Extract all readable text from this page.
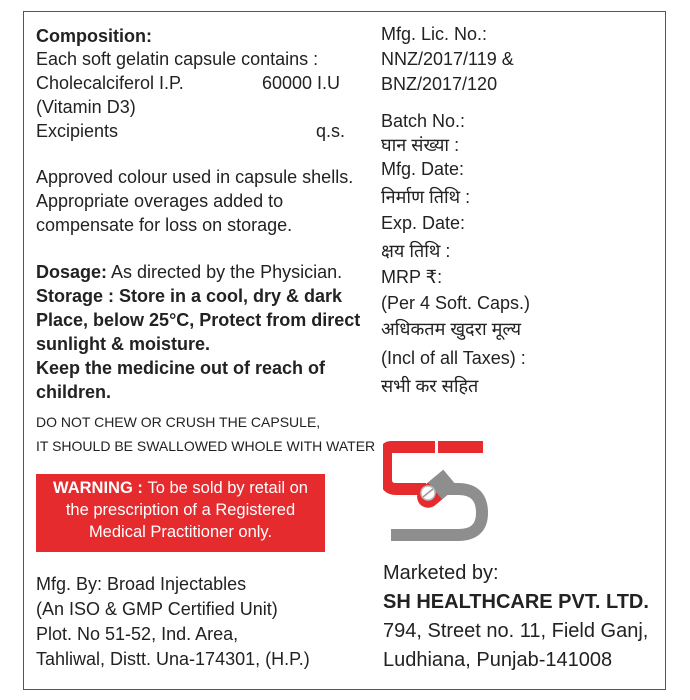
Composition:
Each soft gelatin capsule contains :
Cholecalciferol I.P.	60000 I.U
(Vitamin D3)
Excipients	q.s.
Approved colour used in capsule shells.
Appropriate overages added to
compensate for loss on storage.
Dosage: As directed by the Physician.
Storage : Store in a cool, dry & dark
Place, below 25°C, Protect from direct
sunlight & moisture.
Keep the medicine out of reach of
children.
DO NOT CHEW OR CRUSH THE CAPSULE,
IT SHOULD BE SWALLOWED WHOLE WITH WATER
WARNING : To be sold by retail on
the prescription of a Registered
Medical Practitioner only.
Mfg. By: Broad Injectables
(An ISO & GMP Certified Unit)
Plot. No 51-52, Ind. Area,
Tahliwal, Distt. Una-174301, (H.P.)
Mfg. Lic. No.:
NNZ/2017/119 &
BNZ/2017/120
Batch No.:
घान संख्या :
Mfg. Date:
निर्माण तिथि :
Exp. Date:
क्षय तिथि :
MRP ₹:
(Per 4 Soft. Caps.)
अधिकतम खुदरा मूल्य
(Incl of all Taxes) :
सभी कर सहित
Marketed by:
SH HEALTHCARE PVT. LTD.
794, Street no. 11, Field Ganj,
Ludhiana, Punjab-141008
